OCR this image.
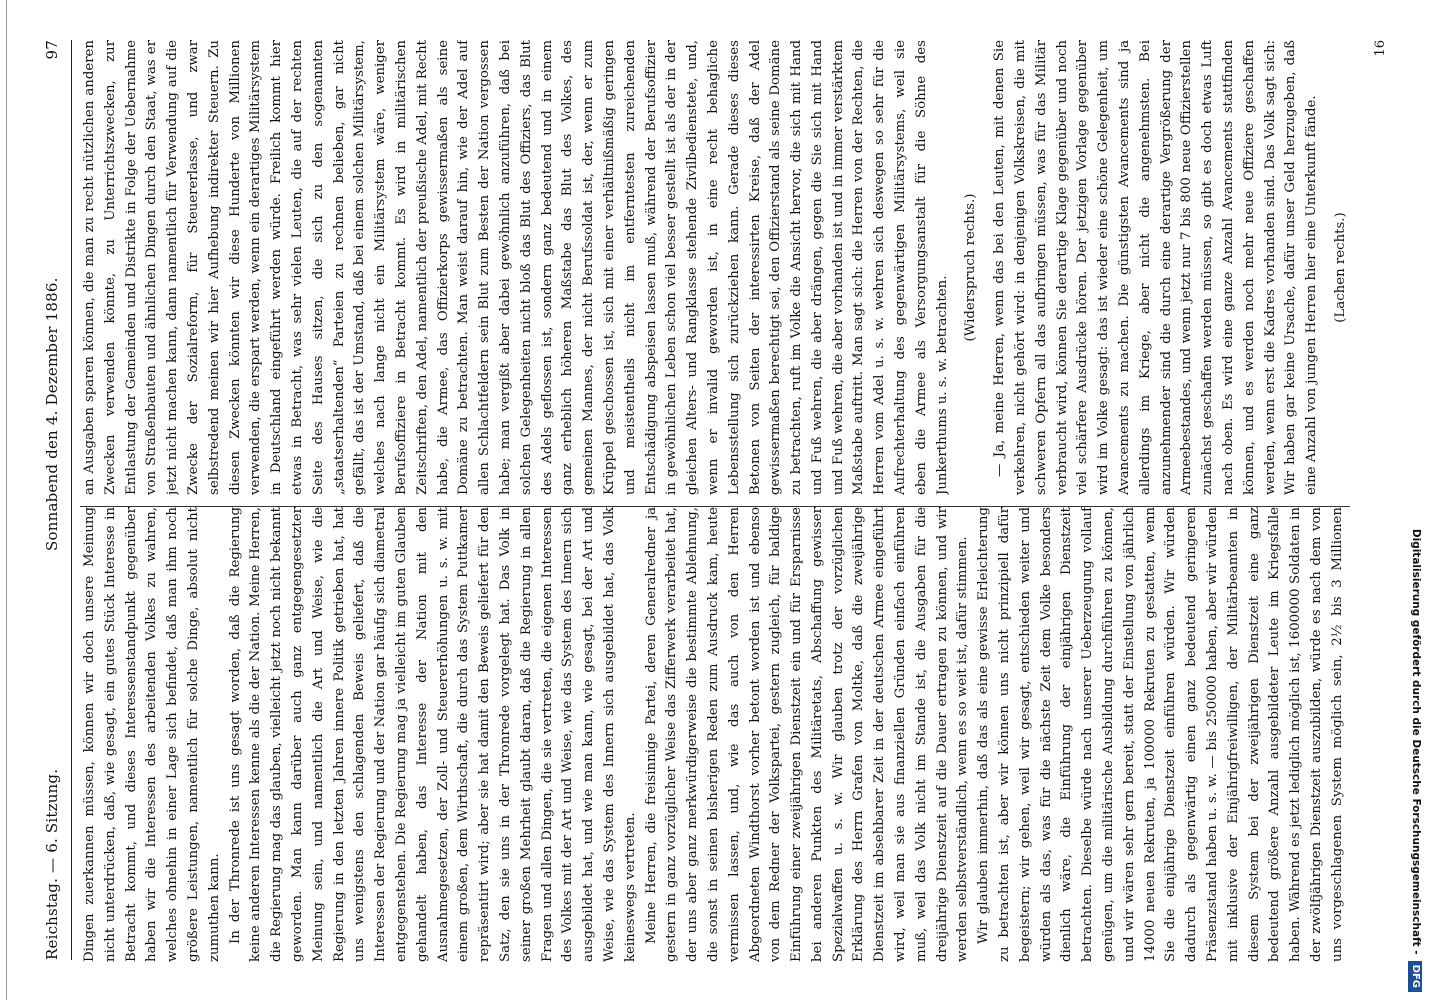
Reichstag. — 6. Sitzung.
Sonnabend den 4. Dezember 1886.
97

Dingen zuerkannen müssen, können wir doch unsere Meinung nicht unterdrücken, daß, wie gesagt, ein gutes Stück Interesse in Betracht kommt, und dieses Interessenstandpunkt gegenüber haben wir die Interessen des arbeitenden Volkes zu wahren, welches ohnehin in einer Lage sich befindet, daß man ihm noch größere Leistungen, namentlich für solche Dinge, absolut nicht zumuthen kann. In der Thronrede ist uns gesagt worden, daß die Regierung keine anderen Interessen kenne als die der Nation. Meine Herren, die Regierung mag das glauben, vielleicht jetzt noch nicht bekannt geworden. Man kann darüber auch ganz entgegengesetzter Meinung sein, und namentlich die Art und Weise, wie die Regierung in den letzten Jahren innere Politik getrieben hat, hat uns wenigstens den schlagenden Beweis geliefert, daß die Interessen der Regierung und der Nation gar häufig sich diametral entgegenstehen. Die Regierung mag ja vielleicht im guten Glauben gehandelt haben, das Interesse der Nation mit den Ausnahmegesetzen, der Zoll- und Steuererhöhungen u. s. w. mit einem großen, dem Wirthschaft, die durch das System Puttkamer repräsentirt wird; aber sie hat damit den Beweis geliefert für den Satz, den sie uns in der Thronrede vorgelegt hat. Das Volk in seiner großen Mehrheit glaubt daran, daß die Regierung in allen Fragen und allen Dingen, die sie vertreten, die eigenen Interessen des Volkes mit der Art und Weise, wie das System des Innern sich ausgebildet hat, und wie man kann, wie gesagt, bei der Art und Weise, wie das System des Innern sich ausgebildet hat, das Volk keineswegs vertreten. Meine Herren, die freisinnige Partei, deren Generalredner ja gestern in ganz vorzüglicher Weise das Zifferwerk verarbeitet hat, der uns aber ganz merkwürdigerweise die bestimmte Ablehnung, die sonst in seinen bisherigen Reden zum Ausdruck kam, heute vermissen lassen, und, wie das auch von den Herren Abgeordneten Windthorst vorher betont worden ist und ebenso von dem Redner der Volkspartei, gestern zugleich, für baldige Einführung einer zweijährigen Dienstzeit ein und für Ersparnisse bei anderen Punkten des Militäretats, Abschaffung gewisser Spezialwaffen u. s. w. Wir glauben trotz der vorzüglichen Erklärung des Herrn Grafen von Moltke, daß die zweijährige Dienstzeit im absehbarer Zeit in der deutschen Armee eingeführt wird, weil man sie aus finanziellen Gründen einfach einführen muß, weil das Volk nicht im Stande ist, die Ausgaben für die dreijährige Dienstzeit auf die Dauer ertragen zu können, und wir werden selbstverständlich, wenn es so weit ist, dafür stimmen. Wir glauben immerhin, daß das als eine gewisse Erleichterung zu betrachten ist, aber wir können uns nicht prinzipiell dafür begeistern; wir gehen, weil wir gesagt, entschieden weiter und würden als das, was für die nächste Zeit dem Volke besonders dienlich wäre, die Einführung der einjährigen Dienstzeit betrachten. Dieselbe würde nach unserer Ueberzeugung vollauf genügen, um die militärische Ausbildung durchführen zu können, und wir wären sehr gern bereit, statt der Einstellung von jährlich 14000 neuen Rekruten, ja 100000 Rekruten zu gestatten, wenn Sie die einjährige Dienstzeit einführen würden. Wir würden dadurch als gegenwärtig einen ganz bedeutend geringeren Präsenzstand haben u. s. w. — bis 250000 haben, aber wir würden mit inklusive der Einjährigfreiwilligen, der Militärbeamten in diesem System bei der zweijährigen Dienstzeit eine ganz bedeutend größere Anzahl ausgebildeter Leute im Kriegsfalle haben. Während es jetzt lediglich möglich ist, 1600000 Soldaten in der zwölfjährigen Dienstzeit auszubilden, würde es nach dem von uns vorgeschlagenen System möglich sein, 2½ bis 3 Millionen

an Ausgaben sparen können, die man zu recht nützlichen anderen Zwecken verwenden könnte, zu Unterrichtszwecken, zur Entlastung der Gemeinden und Distrikte in Folge der Uebernahme von Straßenbauten und ähnlichen Dingen durch den Staat, was er jetzt nicht machen kann, dann namentlich für Verwendung auf die Zwecke der Sozialreform, für Steuererlasse, und zwar selbstredend meinen wir hier Aufhebung indirekter Steuern. Zu diesen Zwecken könnten wir diese Hunderte von Millionen verwenden, die erspart werden, wenn ein derartiges Militärsystem in Deutschland eingeführt werden würde. Freilich kommt hier etwas in Betracht, was sehr vielen Leuten, die auf der rechten Seite des Hauses sitzen, die sich zu den sogenannten „staatserhaltenden“ Parteien zu rechnen belieben, gar nicht gefällt, das ist der Umstand, daß bei einem solchen Militärsystem, welches nach lange nicht ein Militärsystem wäre, weniger Berufsoffiziere in Betracht kommt. Es wird in militärischen Zeitschriften, den Adel, namentlich der preußische Adel, mit Recht habe, die Armee, das Offizierkorps gewissermaßen als seine Domäne zu betrachten. Man weist darauf hin, wie der Adel auf allen Schlachtfeldern sein Blut zum Besten der Nation vergossen habe; man vergißt aber dabei gewöhnlich anzuführen, daß bei solchen Gelegenheiten nicht bloß das Blut des Offiziers, das Blut des Adels geflossen ist, sondern ganz bedeutend und in einem ganz erheblich höheren Maßstabe das Blut des Volkes, des gemeinen Mannes, der nicht Berufssoldat ist, der, wenn er zum Krüppel geschossen ist, sich mit einer verhältnißmäßig geringen und meistentheils nicht im entferntesten zureichenden Entschädigung abspeisen lassen muß, während der Berufsoffizier in gewöhnlichen Leben schon viel besser gestellt ist als der in der gleichen Alters- und Rangklasse stehende Zivilbedienstete, und, wenn er invalid geworden ist, in eine recht behagliche Lebensstellung sich zurückziehen kann. Gerade dieses dieses Betonen von Seiten der interessirten Kreise, daß der Adel gewissermaßen berechtigt sei, den Offizierstand als seine Domäne zu betrachten, ruft im Volke die Ansicht hervor, die sich mit Hand und Fuß wehren, die aber drängen, gegen die Sie sich mit Hand und Fuß wehren, die aber vorhanden ist und in immer verstärktem Maßstabe auftritt. Man sagt sich: die Herren von der Rechten, die Herren vom Adel u. s. w. wehren sich deswegen so sehr für die Aufrechterhaltung des gegenwärtigen Militärsystems, weil sie eben die Armee als Versorgungsanstalt für die Söhne des Junkerthums u. s. w. betrachten.

(Widerspruch rechts.) — Ja, meine Herren, wenn das bei den Leuten, mit denen Sie verkehren, nicht gehört wird: in denjenigen Volkskreisen, die mit schweren Opfern all das aufbringen müssen, was für das Militär verbraucht wird, können Sie derartige Klage gegenüber und noch viel schärfere Ausdrücke hören. Der jetzigen Vorlage gegenüber wird im Volke gesagt: das ist wieder eine schöne Gelegenheit, um Avancements zu machen. Die günstigsten Avancements sind ja allerdings im Kriege, aber nicht die angenehmsten. Bei anzunehmender sind die durch eine derartige Vergrößerung der Armeebestandes, und wenn jetzt nur 7 bis 800 neue Offizierstellen zunächst geschaffen werden müssen, so gibt es doch etwas Luft nach oben. Es wird eine ganze Anzahl Avancements stattfinden können, und es werden noch mehr neue Offiziere geschaffen werden, wenn erst die Kadres vorhanden sind. Das Volk sagt sich: Wir haben gar keine Ursache, dafür unser Geld herzugeben, daß eine Anzahl von jungen Herren hier eine Unterkunft fände. (Lachen rechts.)

16
Digitalisierung gefördert durch die Deutsche Forschungsgemeinschaft -DFG
